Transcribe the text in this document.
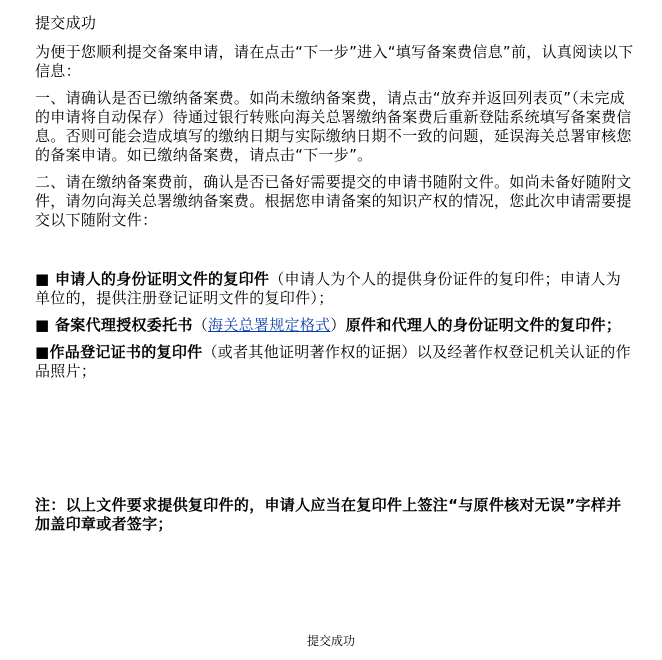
提交成功

为便于您顺利提交备案申请，请在点击“下一步”进入“填写备案费信息”前，认真阅读以下信息：

一、请确认是否已缴纳备案费。如尚未缴纳备案费，请点击“放弃并返回列表页”（未完成的申请将自动保存）待通过银行转账向海关总署缴纳备案费后重新登陆系统填写备案费信息。否则可能会造成填写的缴纳日期与实际缴纳日期不一致的问题，延误海关总署审核您的备案申请。如已缴纳备案费，请点击“下一步”。

二、请在缴纳备案费前，确认是否已备好需要提交的申请书随附文件。如尚未备好随附文件，请勿向海关总署缴纳备案费。根据您申请备案的知识产权的情况，您此次申请需要提交以下随附文件：

■ 申请人的身份证明文件的复印件（申请人为个人的提供身份证件的复印件；申请人为单位的，提供注册登记证明文件的复印件）；

■ 备案代理授权委托书（海关总署规定格式）原件和代理人的身份证明文件的复印件；

■作品登记证书的复印件（或者其他证明著作权的证据）以及经著作权登记机关认证的作品照片；

注：以上文件要求提供复印件的，申请人应当在复印件上签注“与原件核对无误”字样并加盖印章或者签字；

提交成功
